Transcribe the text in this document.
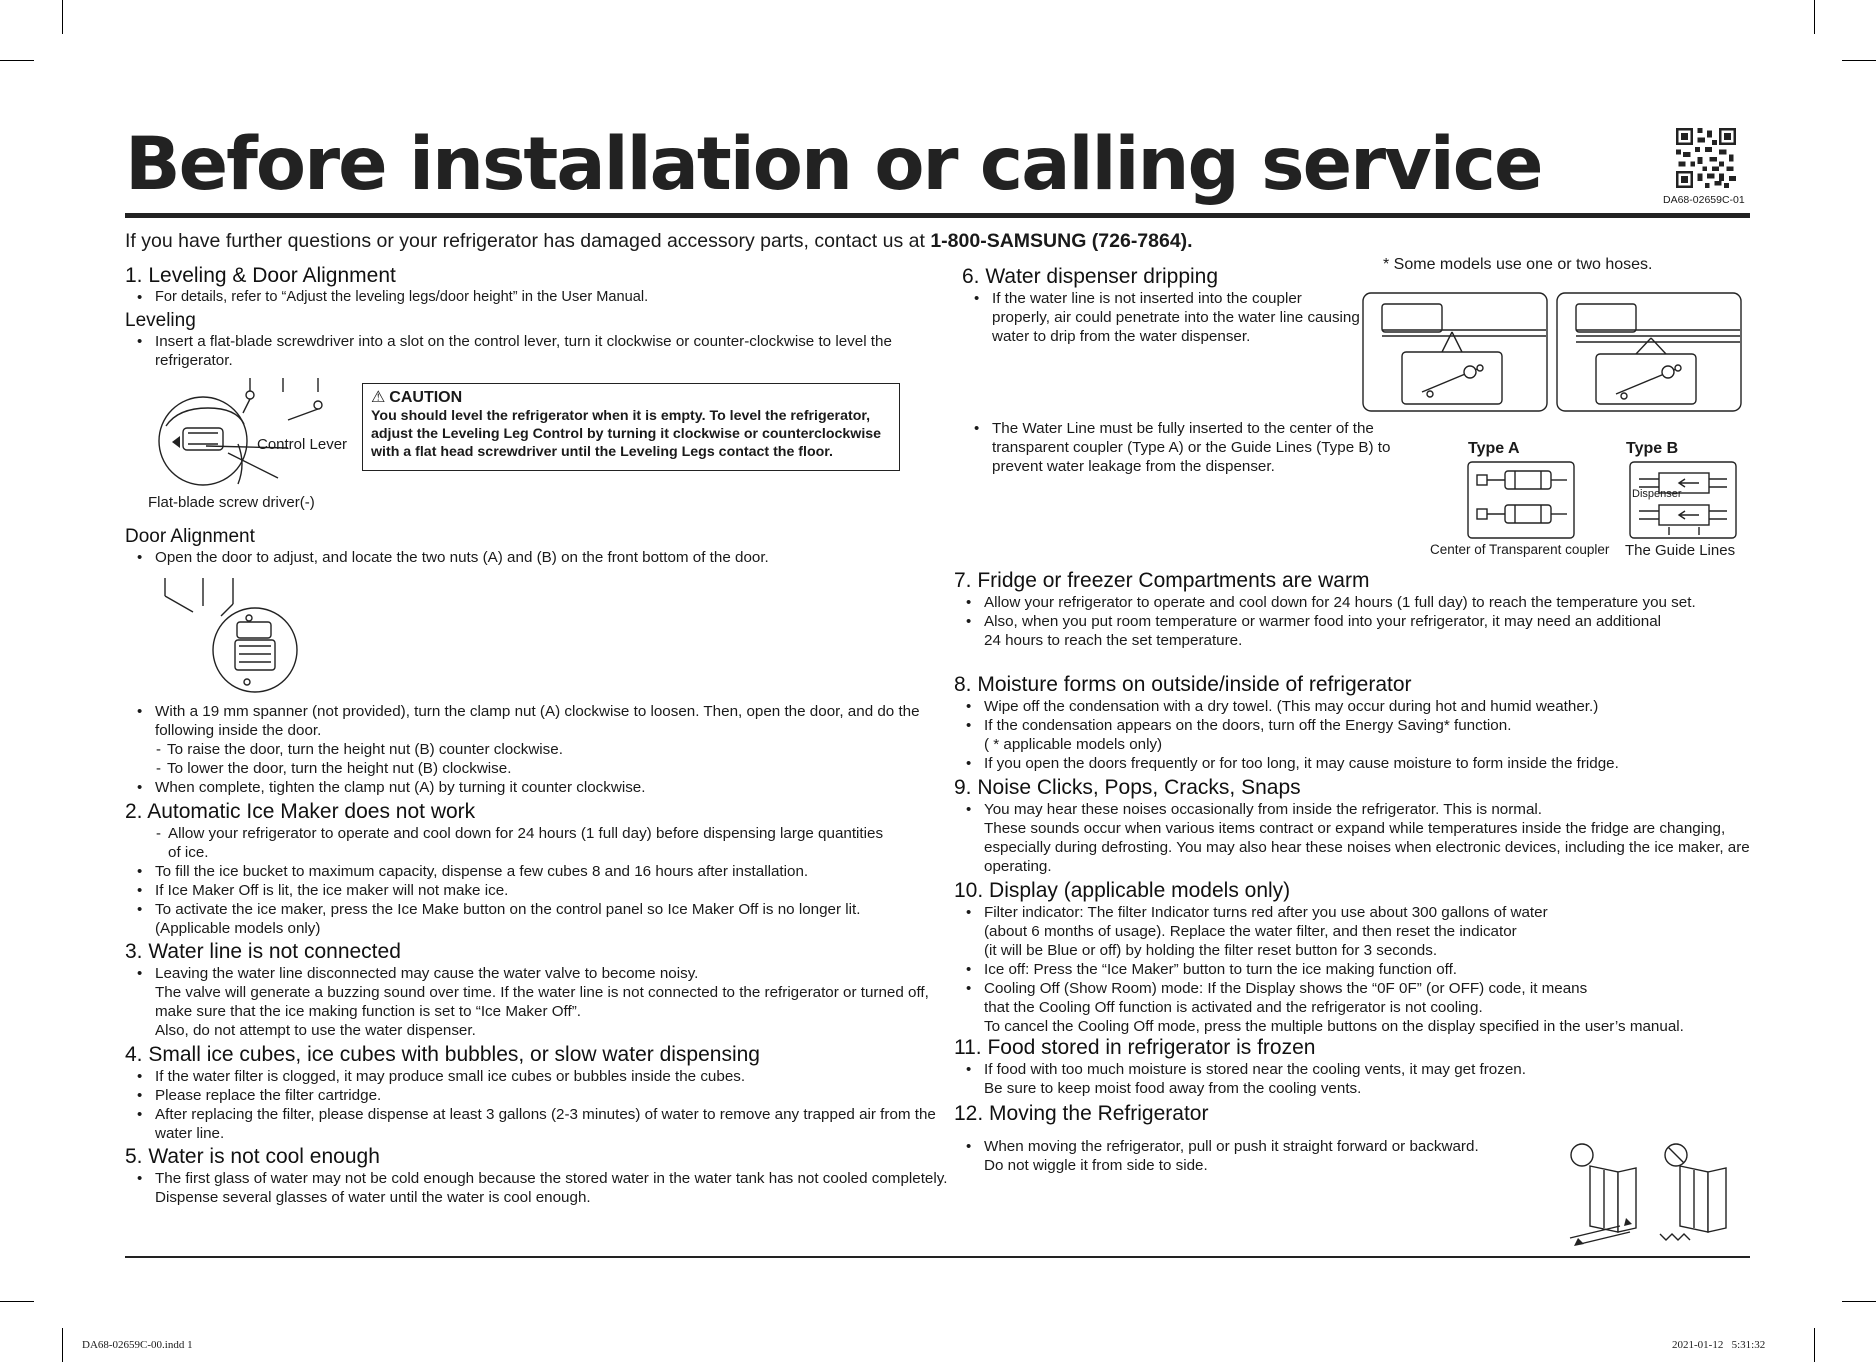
Before installation or calling service	DA68-02659C-01
If you have further questions or your refrigerator has damaged accessory parts, contact us at 1-800-SAMSUNG (726-7864).
1. Leveling & Door Alignment
• For details, refer to “Adjust the leveling legs/door height” in the User Manual.
Leveling
• Insert a flat-blade screwdriver into a slot on the control lever, turn it clockwise or counter-clockwise to level the refrigerator.
Control Lever
Flat-blade screw driver(-)
⚠ CAUTION
You should level the refrigerator when it is empty. To level the refrigerator, adjust the Leveling Leg Control by turning it clockwise or counterclockwise with a flat head screwdriver until the Leveling Legs contact the floor.
Door Alignment
• Open the door to adjust, and locate the two nuts (A) and (B) on the front bottom of the door.
• With a 19 mm spanner (not provided), turn the clamp nut (A) clockwise to loosen. Then, open the door, and do the following inside the door.
- To raise the door, turn the height nut (B) counter clockwise.
- To lower the door, turn the height nut (B) clockwise.
• When complete, tighten the clamp nut (A) by turning it counter clockwise.
2. Automatic Ice Maker does not work
- Allow your refrigerator to operate and cool down for 24 hours (1 full day) before dispensing large quantities of ice.
• To fill the ice bucket to maximum capacity, dispense a few cubes 8 and 16 hours after installation.
• If Ice Maker Off is lit, the ice maker will not make ice.
• To activate the ice maker, press the Ice Make button on the control panel so Ice Maker Off is no longer lit. (Applicable models only)
3. Water line is not connected
• Leaving the water line disconnected may cause the water valve to become noisy.
The valve will generate a buzzing sound over time. If the water line is not connected to the refrigerator or turned off, make sure that the ice making function is set to “Ice Maker Off”.
Also, do not attempt to use the water dispenser.
4. Small ice cubes, ice cubes with bubbles, or slow water dispensing
• If the water filter is clogged, it may produce small ice cubes or bubbles inside the cubes.
• Please replace the filter cartridge.
• After replacing the filter, please dispense at least 3 gallons (2-3 minutes) of water to remove any trapped air from the water line.
5. Water is not cool enough
• The first glass of water may not be cold enough because the stored water in the water tank has not cooled completely. Dispense several glasses of water until the water is cool enough.
* Some models use one or two hoses.
6. Water dispenser dripping
• If the water line is not inserted into the coupler properly, air could penetrate into the water line causing water to drip from the water dispenser.
• The Water Line must be fully inserted to the center of the transparent coupler (Type A) or the Guide Lines (Type B) to prevent water leakage from the dispenser.
Type A	Type B
Dispenser
Center of Transparent coupler The Guide Lines
7. Fridge or freezer Compartments are warm
• Allow your refrigerator to operate and cool down for 24 hours (1 full day) to reach the temperature you set.
• Also, when you put room temperature or warmer food into your refrigerator, it may need an additional 24 hours to reach the set temperature.
8. Moisture forms on outside/inside of refrigerator
• Wipe off the condensation with a dry towel. (This may occur during hot and humid weather.)
• If the condensation appears on the doors, turn off the Energy Saving* function.
( * applicable models only)
• If you open the doors frequently or for too long, it may cause moisture to form inside the fridge.
9. Noise Clicks, Pops, Cracks, Snaps
• You may hear these noises occasionally from inside the refrigerator. This is normal.
These sounds occur when various items contract or expand while temperatures inside the fridge are changing, especially during defrosting. You may also hear these noises when electronic devices, including the ice maker, are operating.
10. Display (applicable models only)
• Filter indicator: The filter Indicator turns red after you use about 300 gallons of water
(about 6 months of usage). Replace the water filter, and then reset the indicator
(it will be Blue or off) by holding the filter reset button for 3 seconds.
• Ice off: Press the “Ice Maker” button to turn the ice making function off.
• Cooling Off (Show Room) mode: If the Display shows the “0F 0F” (or OFF) code, it means
that the Cooling Off function is activated and the refrigerator is not cooling.
To cancel the Cooling Off mode, press the multiple buttons on the display specified in the user’s manual.
11. Food stored in refrigerator is frozen
• If food with too much moisture is stored near the cooling vents, it may get frozen.
Be sure to keep moist food away from the cooling vents.
12. Moving the Refrigerator
• When moving the refrigerator, pull or push it straight forward or backward.
Do not wiggle it from side to side.
DA68-02659C-00.indd 1	2021-01-12   5:31:32
